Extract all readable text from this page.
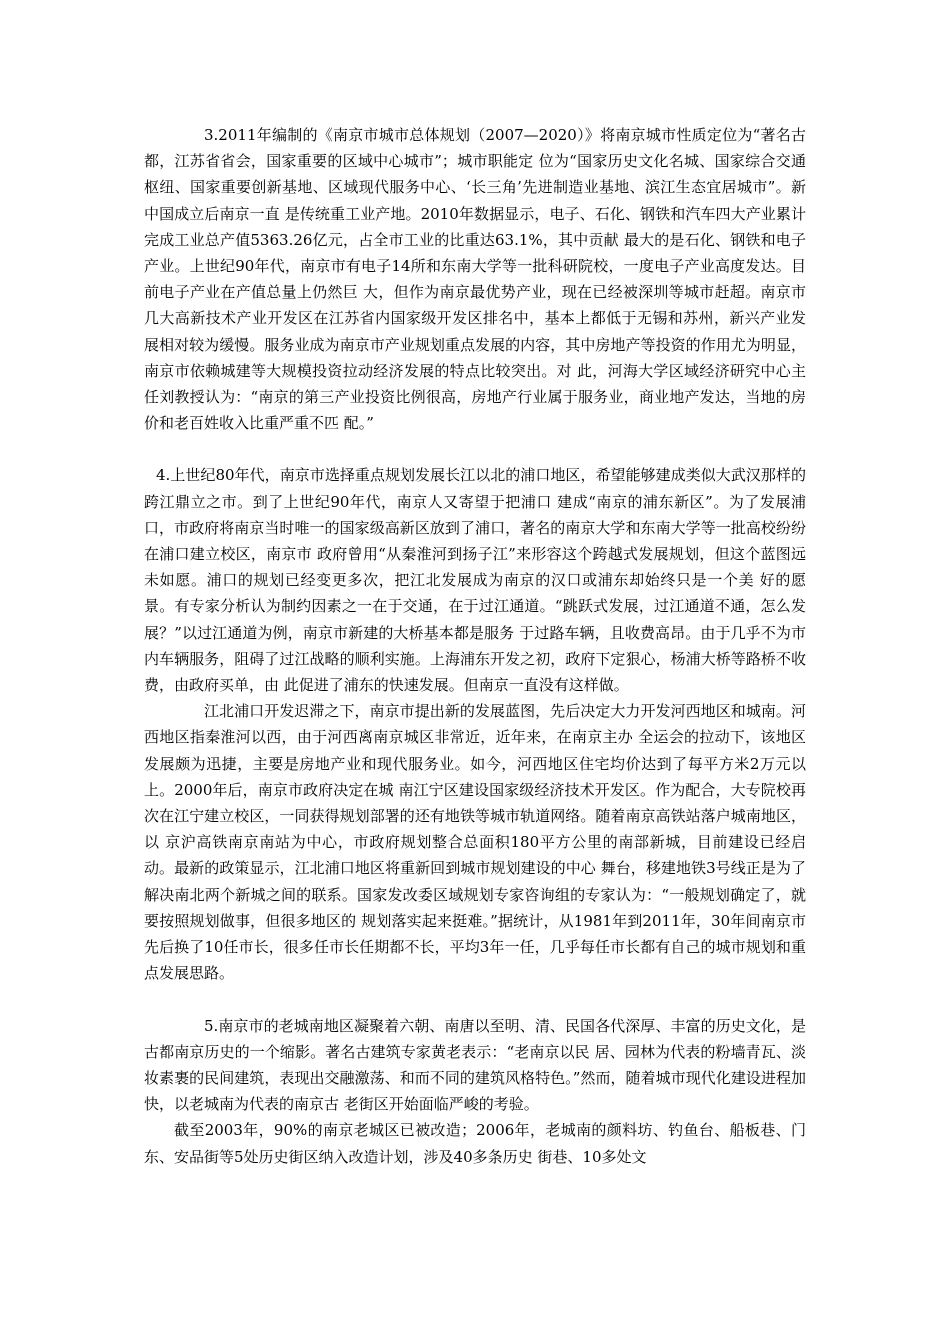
3.2011年编制的《南京市城市总体规划（2007—2020）》将南京城市性质定位为“著名古都，江苏省省会，国家重要的区域中心城市”；城市职能定 位为“国家历史文化名城、国家综合交通枢纽、国家重要创新基地、区域现代服务中心、‘长三角’先进制造业基地、滨江生态宜居城市”。新中国成立后南京一直 是传统重工业产地。2010年数据显示，电子、石化、钢铁和汽车四大产业累计完成工业总产值5363.26亿元，占全市工业的比重达63.1%，其中贡献 最大的是石化、钢铁和电子产业。上世纪90年代，南京市有电子14所和东南大学等一批科研院校，一度电子产业高度发达。目前电子产业在产值总量上仍然巨 大，但作为南京最优势产业，现在已经被深圳等城市赶超。南京市几大高新技术产业开发区在江苏省内国家级开发区排名中，基本上都低于无锡和苏州，新兴产业发 展相对较为缓慢。服务业成为南京市产业规划重点发展的内容，其中房地产等投资的作用尤为明显，南京市依赖城建等大规模投资拉动经济发展的特点比较突出。对 此，河海大学区域经济研究中心主任刘教授认为：“南京的第三产业投资比例很高，房地产行业属于服务业，商业地产发达，当地的房价和老百姓收入比重严重不匹 配。”

4.上世纪80年代，南京市选择重点规划发展长江以北的浦口地区，希望能够建成类似大武汉那样的跨江鼎立之市。到了上世纪90年代，南京人又寄望于把浦口 建成“南京的浦东新区”。为了发展浦口，市政府将南京当时唯一的国家级高新区放到了浦口，著名的南京大学和东南大学等一批高校纷纷在浦口建立校区，南京市 政府曾用“从秦淮河到扬子江”来形容这个跨越式发展规划，但这个蓝图远未如愿。浦口的规划已经变更多次，把江北发展成为南京的汉口或浦东却始终只是一个美 好的愿景。有专家分析认为制约因素之一在于交通，在于过江通道。“跳跃式发展，过江通道不通，怎么发展？”以过江通道为例，南京市新建的大桥基本都是服务 于过路车辆，且收费高昂。由于几乎不为市内车辆服务，阻碍了过江战略的顺利实施。上海浦东开发之初，政府下定狠心，杨浦大桥等路桥不收费，由政府买单，由 此促进了浦东的快速发展。但南京一直没有这样做。

江北浦口开发迟滞之下，南京市提出新的发展蓝图，先后决定大力开发河西地区和城南。河西地区指秦淮河以西，由于河西离南京城区非常近，近年来，在南京主办 全运会的拉动下，该地区发展颇为迅捷，主要是房地产业和现代服务业。如今，河西地区住宅均价达到了每平方米2万元以上。2000年后，南京市政府决定在城 南江宁区建设国家级经济技术开发区。作为配合，大专院校再次在江宁建立校区，一同获得规划部署的还有地铁等城市轨道网络。随着南京高铁站落户城南地区，以 京沪高铁南京南站为中心，市政府规划整合总面积180平方公里的南部新城，目前建设已经启动。最新的政策显示，江北浦口地区将重新回到城市规划建设的中心 舞台，移建地铁3号线正是为了解决南北两个新城之间的联系。国家发改委区域规划专家咨询组的专家认为：“一般规划确定了，就要按照规划做事，但很多地区的 规划落实起来挺难。”据统计，从1981年到2011年，30年间南京市先后换了10任市长，很多任市长任期都不长，平均3年一任，几乎每任市长都有自己的城市规划和重点发展思路。

5.南京市的老城南地区凝聚着六朝、南唐以至明、清、民国各代深厚、丰富的历史文化，是古都南京历史的一个缩影。著名古建筑专家黄老表示：“老南京以民 居、园林为代表的粉墙青瓦、淡妆素裹的民间建筑，表现出交融激荡、和而不同的建筑风格特色。”然而，随着城市现代化建设进程加快，以老城南为代表的南京古 老街区开始面临严峻的考验。

截至2003年，90%的南京老城区已被改造；2006年，老城南的颜料坊、钓鱼台、船板巷、门东、安品街等5处历史街区纳入改造计划，涉及40多条历史 街巷、10多处文
